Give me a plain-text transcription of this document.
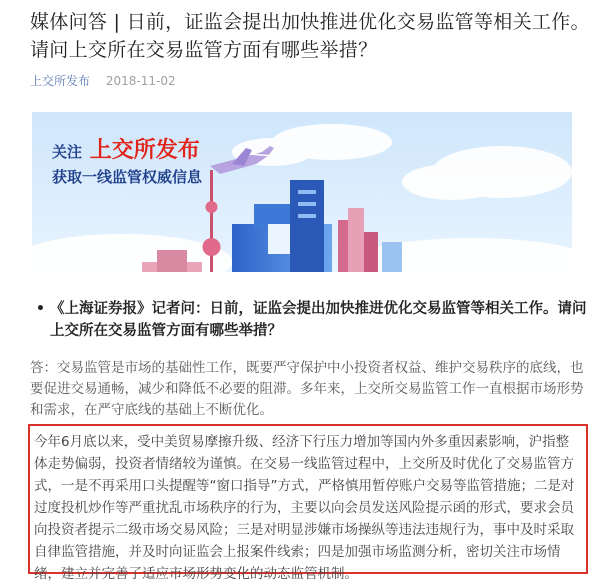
媒体问答 | 日前，证监会提出加快推进优化交易监管等相关工作。请问上交所在交易监管方面有哪些举措？
上交所发布 2018-11-02
关注 上交所发布
获取一线监管权威信息
• 《上海证券报》记者问：日前，证监会提出加快推进优化交易监管等相关工作。请问上交所在交易监管方面有哪些举措？
答：交易监管是市场的基础性工作，既要严守保护中小投资者权益、维护交易秩序的底线，也要促进交易通畅，减少和降低不必要的阻滞。多年来，上交所交易监管工作一直根据市场形势和需求，在严守底线的基础上不断优化。
今年6月底以来，受中美贸易摩擦升级、经济下行压力增加等国内外多重因素影响，沪指整体走势偏弱，投资者情绪较为谨慎。在交易一线监管过程中，上交所及时优化了交易监管方式，一是不再采用口头提醒等“窗口指导”方式，严格慎用暂停账户交易等监管措施；二是对过度投机炒作等严重扰乱市场秩序的行为，主要以向会员发送风险提示函的形式，要求会员向投资者提示二级市场交易风险；三是对明显涉嫌市场操纵等违法违规行为，事中及时采取自律监管措施，并及时向证监会上报案件线索；四是加强市场监测分析，密切关注市场情绪，建立并完善了适应市场形势变化的动态监管机制。
